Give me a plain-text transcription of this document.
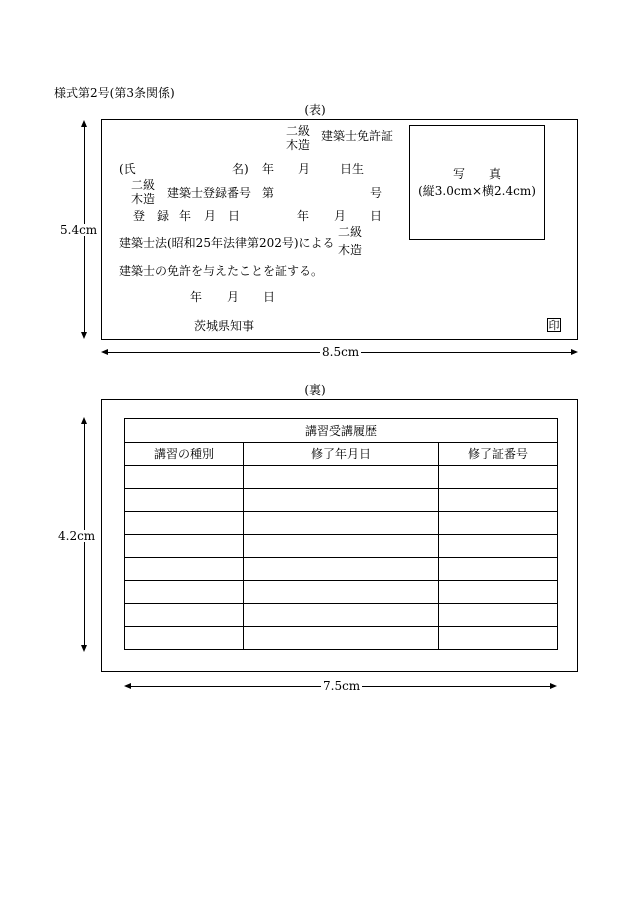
様式第2号(第3条関係)
(表)
二級
木造
建築士免許証
写　　真
(縦3.0cm×横2.4cm)
(氏	名) 年 月 日生
二級
木造 建築士登録番号 第	号
登　録 年 月 日	年 月 日
建築士法(昭和25年法律第202号)による
二級
木造
建築士の免許を与えたことを証する。
年 月 日
茨城県知事	印
5.4cm
8.5cm
(裏)
講習受講履歴		
講習の種別	修了年月日	修了証番号

4.2cm
7.5cm
